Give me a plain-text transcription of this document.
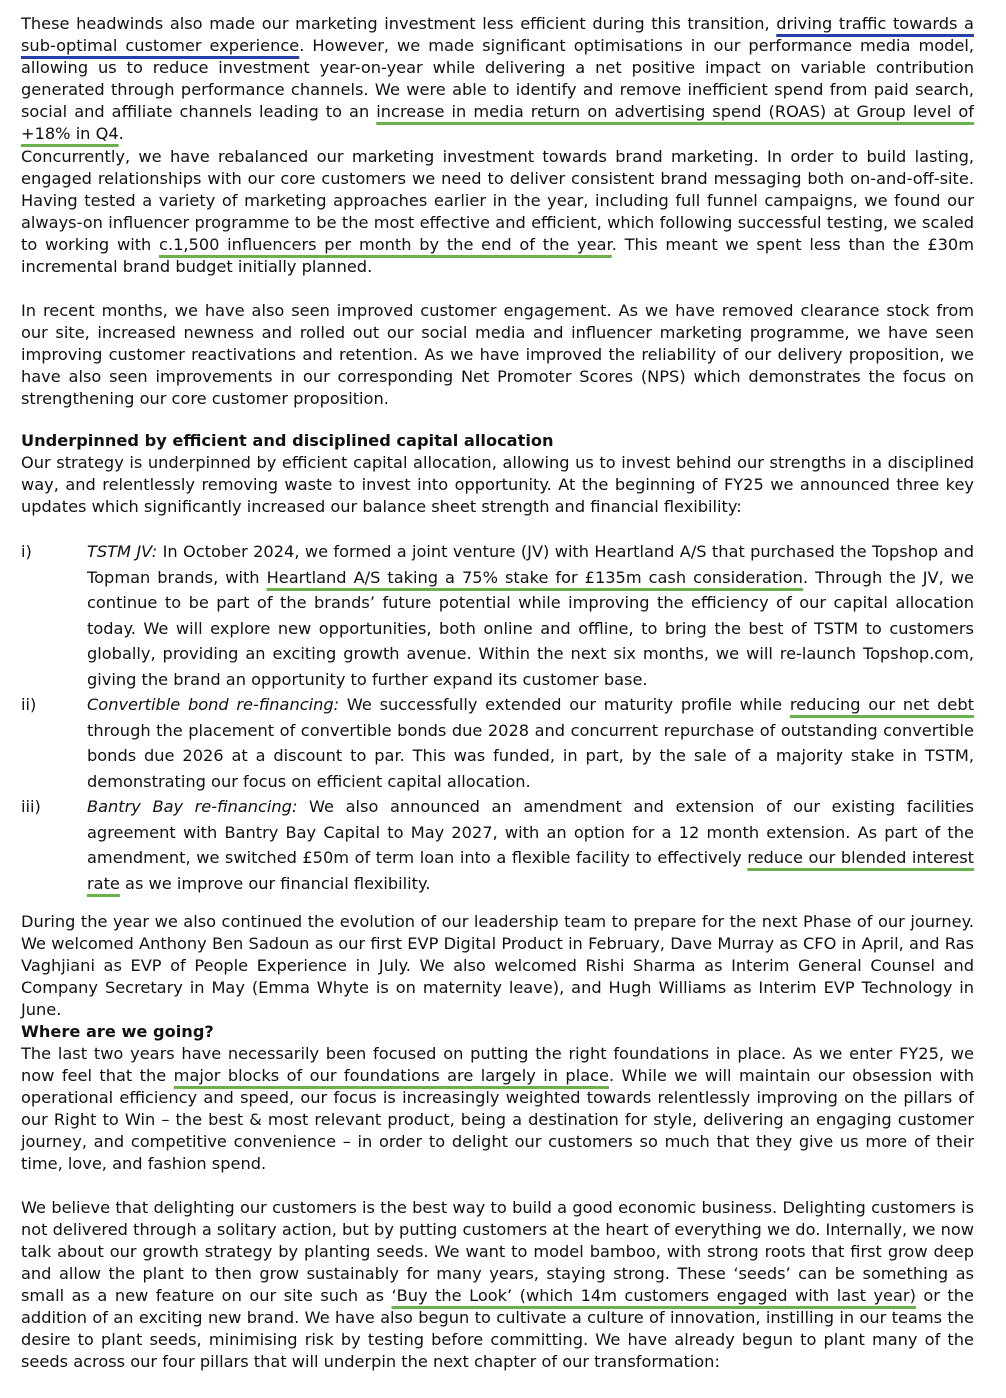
These headwinds also made our marketing investment less efficient during this transition, driving traffic towards a sub-optimal customer experience. However, we made significant optimisations in our performance media model, allowing us to reduce investment year-on-year while delivering a net positive impact on variable contribution generated through performance channels. We were able to identify and remove inefficient spend from paid search, social and affiliate channels leading to an increase in media return on advertising spend (ROAS) at Group level of +18% in Q4.

Concurrently, we have rebalanced our marketing investment towards brand marketing. In order to build lasting, engaged relationships with our core customers we need to deliver consistent brand messaging both on-and-off-site. Having tested a variety of marketing approaches earlier in the year, including full funnel campaigns, we found our always-on influencer programme to be the most effective and efficient, which following successful testing, we scaled to working with c.1,500 influencers per month by the end of the year. This meant we spent less than the £30m incremental brand budget initially planned.

In recent months, we have also seen improved customer engagement. As we have removed clearance stock from our site, increased newness and rolled out our social media and influencer marketing programme, we have seen improving customer reactivations and retention. As we have improved the reliability of our delivery proposition, we have also seen improvements in our corresponding Net Promoter Scores (NPS) which demonstrates the focus on strengthening our core customer proposition.

Underpinned by efficient and disciplined capital allocation

Our strategy is underpinned by efficient capital allocation, allowing us to invest behind our strengths in a disciplined way, and relentlessly removing waste to invest into opportunity. At the beginning of FY25 we announced three key updates which significantly increased our balance sheet strength and financial flexibility:

i)	TSTM JV: In October 2024, we formed a joint venture (JV) with Heartland A/S that purchased the Topshop and Topman brands, with Heartland A/S taking a 75% stake for £135m cash consideration. Through the JV, we continue to be part of the brands’ future potential while improving the efficiency of our capital allocation today. We will explore new opportunities, both online and offline, to bring the best of TSTM to customers globally, providing an exciting growth avenue. Within the next six months, we will re-launch Topshop.com, giving the brand an opportunity to further expand its customer base.

ii)	Convertible bond re-financing: We successfully extended our maturity profile while reducing our net debt through the placement of convertible bonds due 2028 and concurrent repurchase of outstanding convertible bonds due 2026 at a discount to par. This was funded, in part, by the sale of a majority stake in TSTM, demonstrating our focus on efficient capital allocation.

iii)	Bantry Bay re-financing: We also announced an amendment and extension of our existing facilities agreement with Bantry Bay Capital to May 2027, with an option for a 12 month extension. As part of the amendment, we switched £50m of term loan into a flexible facility to effectively reduce our blended interest rate as we improve our financial flexibility.

During the year we also continued the evolution of our leadership team to prepare for the next Phase of our journey. We welcomed Anthony Ben Sadoun as our first EVP Digital Product in February, Dave Murray as CFO in April, and Ras Vaghjiani as EVP of People Experience in July. We also welcomed Rishi Sharma as Interim General Counsel and Company Secretary in May (Emma Whyte is on maternity leave), and Hugh Williams as Interim EVP Technology in June.

Where are we going?

The last two years have necessarily been focused on putting the right foundations in place. As we enter FY25, we now feel that the major blocks of our foundations are largely in place. While we will maintain our obsession with operational efficiency and speed, our focus is increasingly weighted towards relentlessly improving on the pillars of our Right to Win – the best & most relevant product, being a destination for style, delivering an engaging customer journey, and competitive convenience – in order to delight our customers so much that they give us more of their time, love, and fashion spend.

We believe that delighting our customers is the best way to build a good economic business. Delighting customers is not delivered through a solitary action, but by putting customers at the heart of everything we do. Internally, we now talk about our growth strategy by planting seeds. We want to model bamboo, with strong roots that first grow deep and allow the plant to then grow sustainably for many years, staying strong. These ‘seeds’ can be something as small as a new feature on our site such as ‘Buy the Look’ (which 14m customers engaged with last year) or the addition of an exciting new brand. We have also begun to cultivate a culture of innovation, instilling in our teams the desire to plant seeds, minimising risk by testing before committing. We have already begun to plant many of the seeds across our four pillars that will underpin the next chapter of our transformation:
